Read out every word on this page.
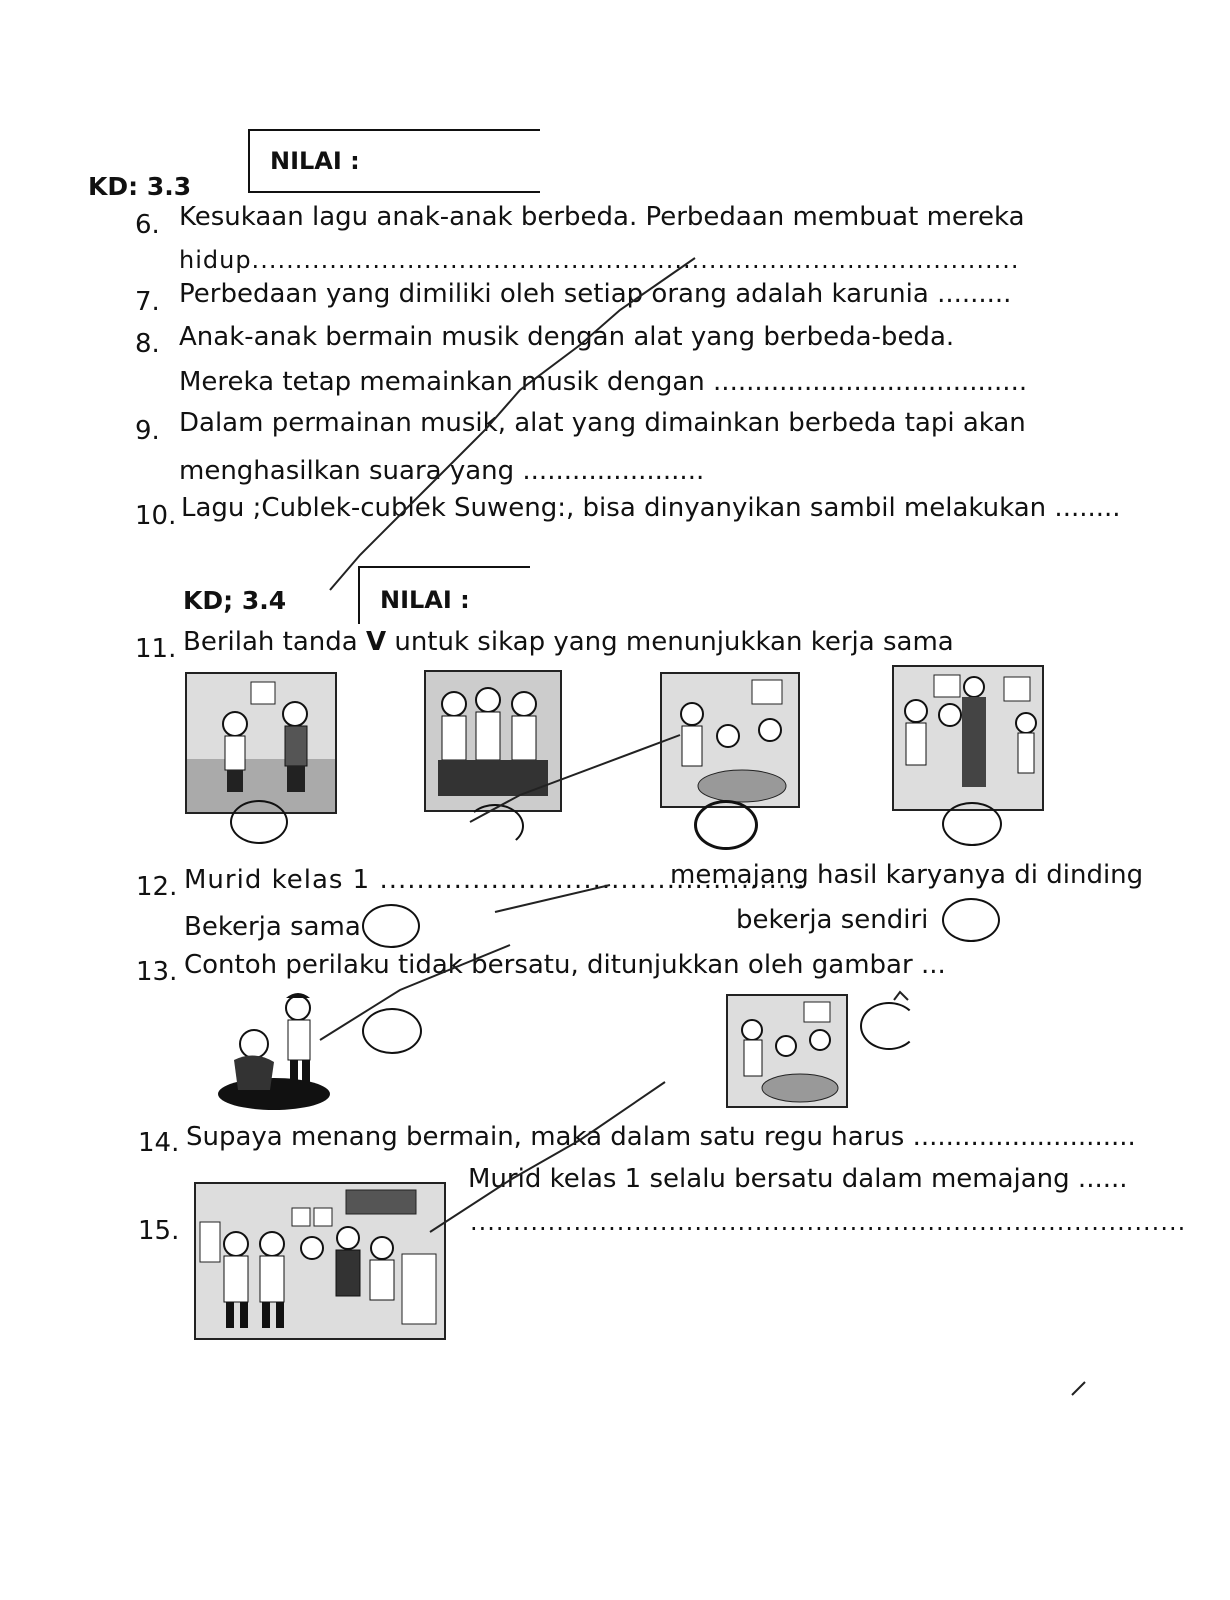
KD: 3.3
NILAI :
6. Kesukaan lagu anak-anak berbeda. Perbedaan membuat mereka
hidup.........................................................................................
7. Perbedaan yang dimiliki oleh setiap orang adalah karunia .........
8. Anak-anak bermain musik dengan alat yang berbeda-beda.
Mereka tetap memainkan musik dengan ......................................
9. Dalam permainan musik, alat yang dimainkan berbeda tapi akan
menghasilkan suara yang ......................
10. Lagu ;Cublek-cublek Suweng:, bisa dinyanyikan sambil melakukan ........
KD; 3.4	NILAI :
11. Berilah tanda V untuk sikap yang menunjukkan kerja sama
12. Murid kelas 1 ..............................................
memajang hasil karyanya di dinding
Bekerja sama	bekerja sendiri
13. Contoh perilaku tidak bersatu, ditunjukkan oleh gambar ...
14. Supaya menang bermain, maka dalam satu regu harus ...........................
15.
Murid kelas 1 selalu bersatu dalam memajang ......
...................................................................................
